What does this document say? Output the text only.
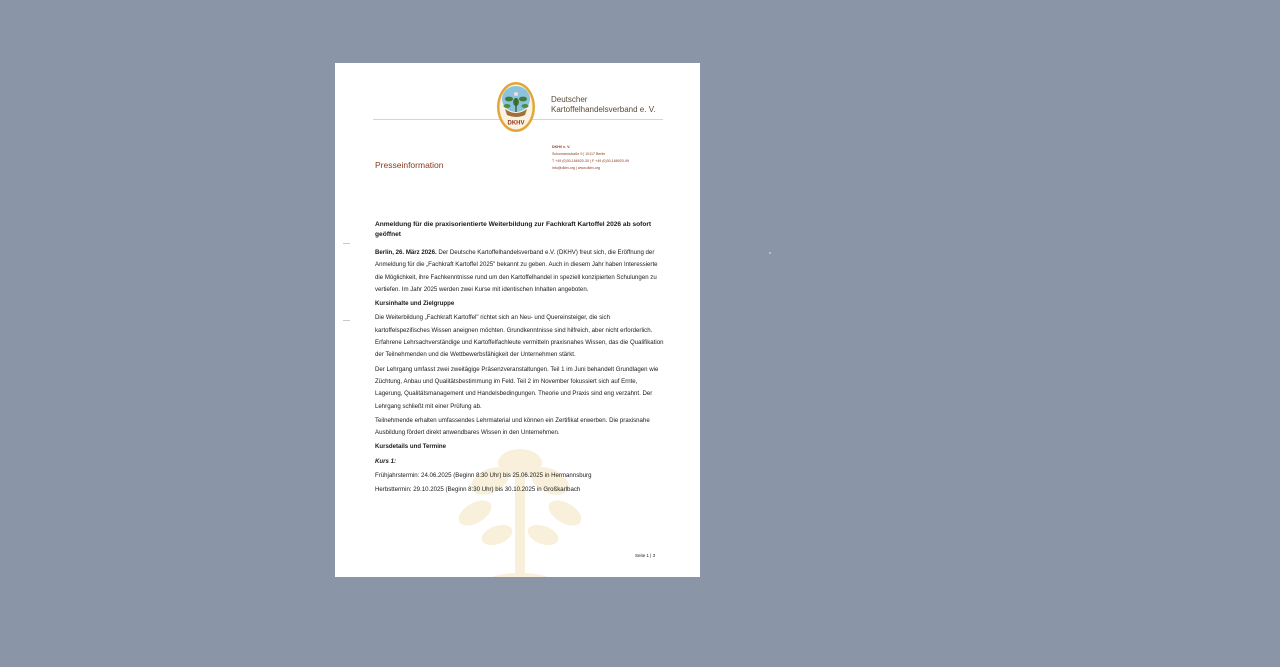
DKHV
Deutscher
Kartoffelhandelsverband e. V.
DKHV e. V.
Schumannstraße 9 | 10117 Berlin
T +49 (0)30-166920-30 | F +49 (0)30-166920-99
info@dkhv.org | www.dkhv.org
Presseinformation
Anmeldung für die praxisorientierte Weiterbildung zur Fachkraft Kartoffel 2026 ab sofort geöffnet

Berlin, 26. März 2026. Der Deutsche Kartoffelhandelsverband e.V. (DKHV) freut sich, die Eröffnung der Anmeldung für die „Fachkraft Kartoffel 2025" bekannt zu geben. Auch in diesem Jahr haben Interessierte die Möglichkeit, ihre Fachkenntnisse rund um den Kartoffelhandel in speziell konzipierten Schulungen zu vertiefen. Im Jahr 2025 werden zwei Kurse mit identischen Inhalten angeboten.

Kursinhalte und Zielgruppe

Die Weiterbildung „Fachkraft Kartoffel" richtet sich an Neu- und Quereinsteiger, die sich kartoffelspezifisches Wissen aneignen möchten. Grundkenntnisse sind hilfreich, aber nicht erforderlich. Erfahrene Lehrsachverständige und Kartoffelfachleute vermitteln praxisnahes Wissen, das die Qualifikation der Teilnehmenden und die Wettbewerbsfähigkeit der Unternehmen stärkt.

Der Lehrgang umfasst zwei zweitägige Präsenzveranstaltungen. Teil 1 im Juni behandelt Grundlagen wie Züchtung, Anbau und Qualitätsbestimmung im Feld. Teil 2 im November fokussiert sich auf Ernte, Lagerung, Qualitätsmanagement und Handelsbedingungen. Theorie und Praxis sind eng verzahnt. Der Lehrgang schließt mit einer Prüfung ab.

Teilnehmende erhalten umfassendes Lehrmaterial und können ein Zertifikat erwerben. Die praxisnahe Ausbildung fördert direkt anwendbares Wissen in den Unternehmen.

Kursdetails und Termine

Kurs 1:

Frühjahrstermin: 24.06.2025 (Beginn 8:30 Uhr) bis 25.06.2025 in Hermannsburg

Herbsttermin: 29.10.2025 (Beginn 8:30 Uhr) bis 30.10.2025 in Großkarlbach

Seite 1 | 3
